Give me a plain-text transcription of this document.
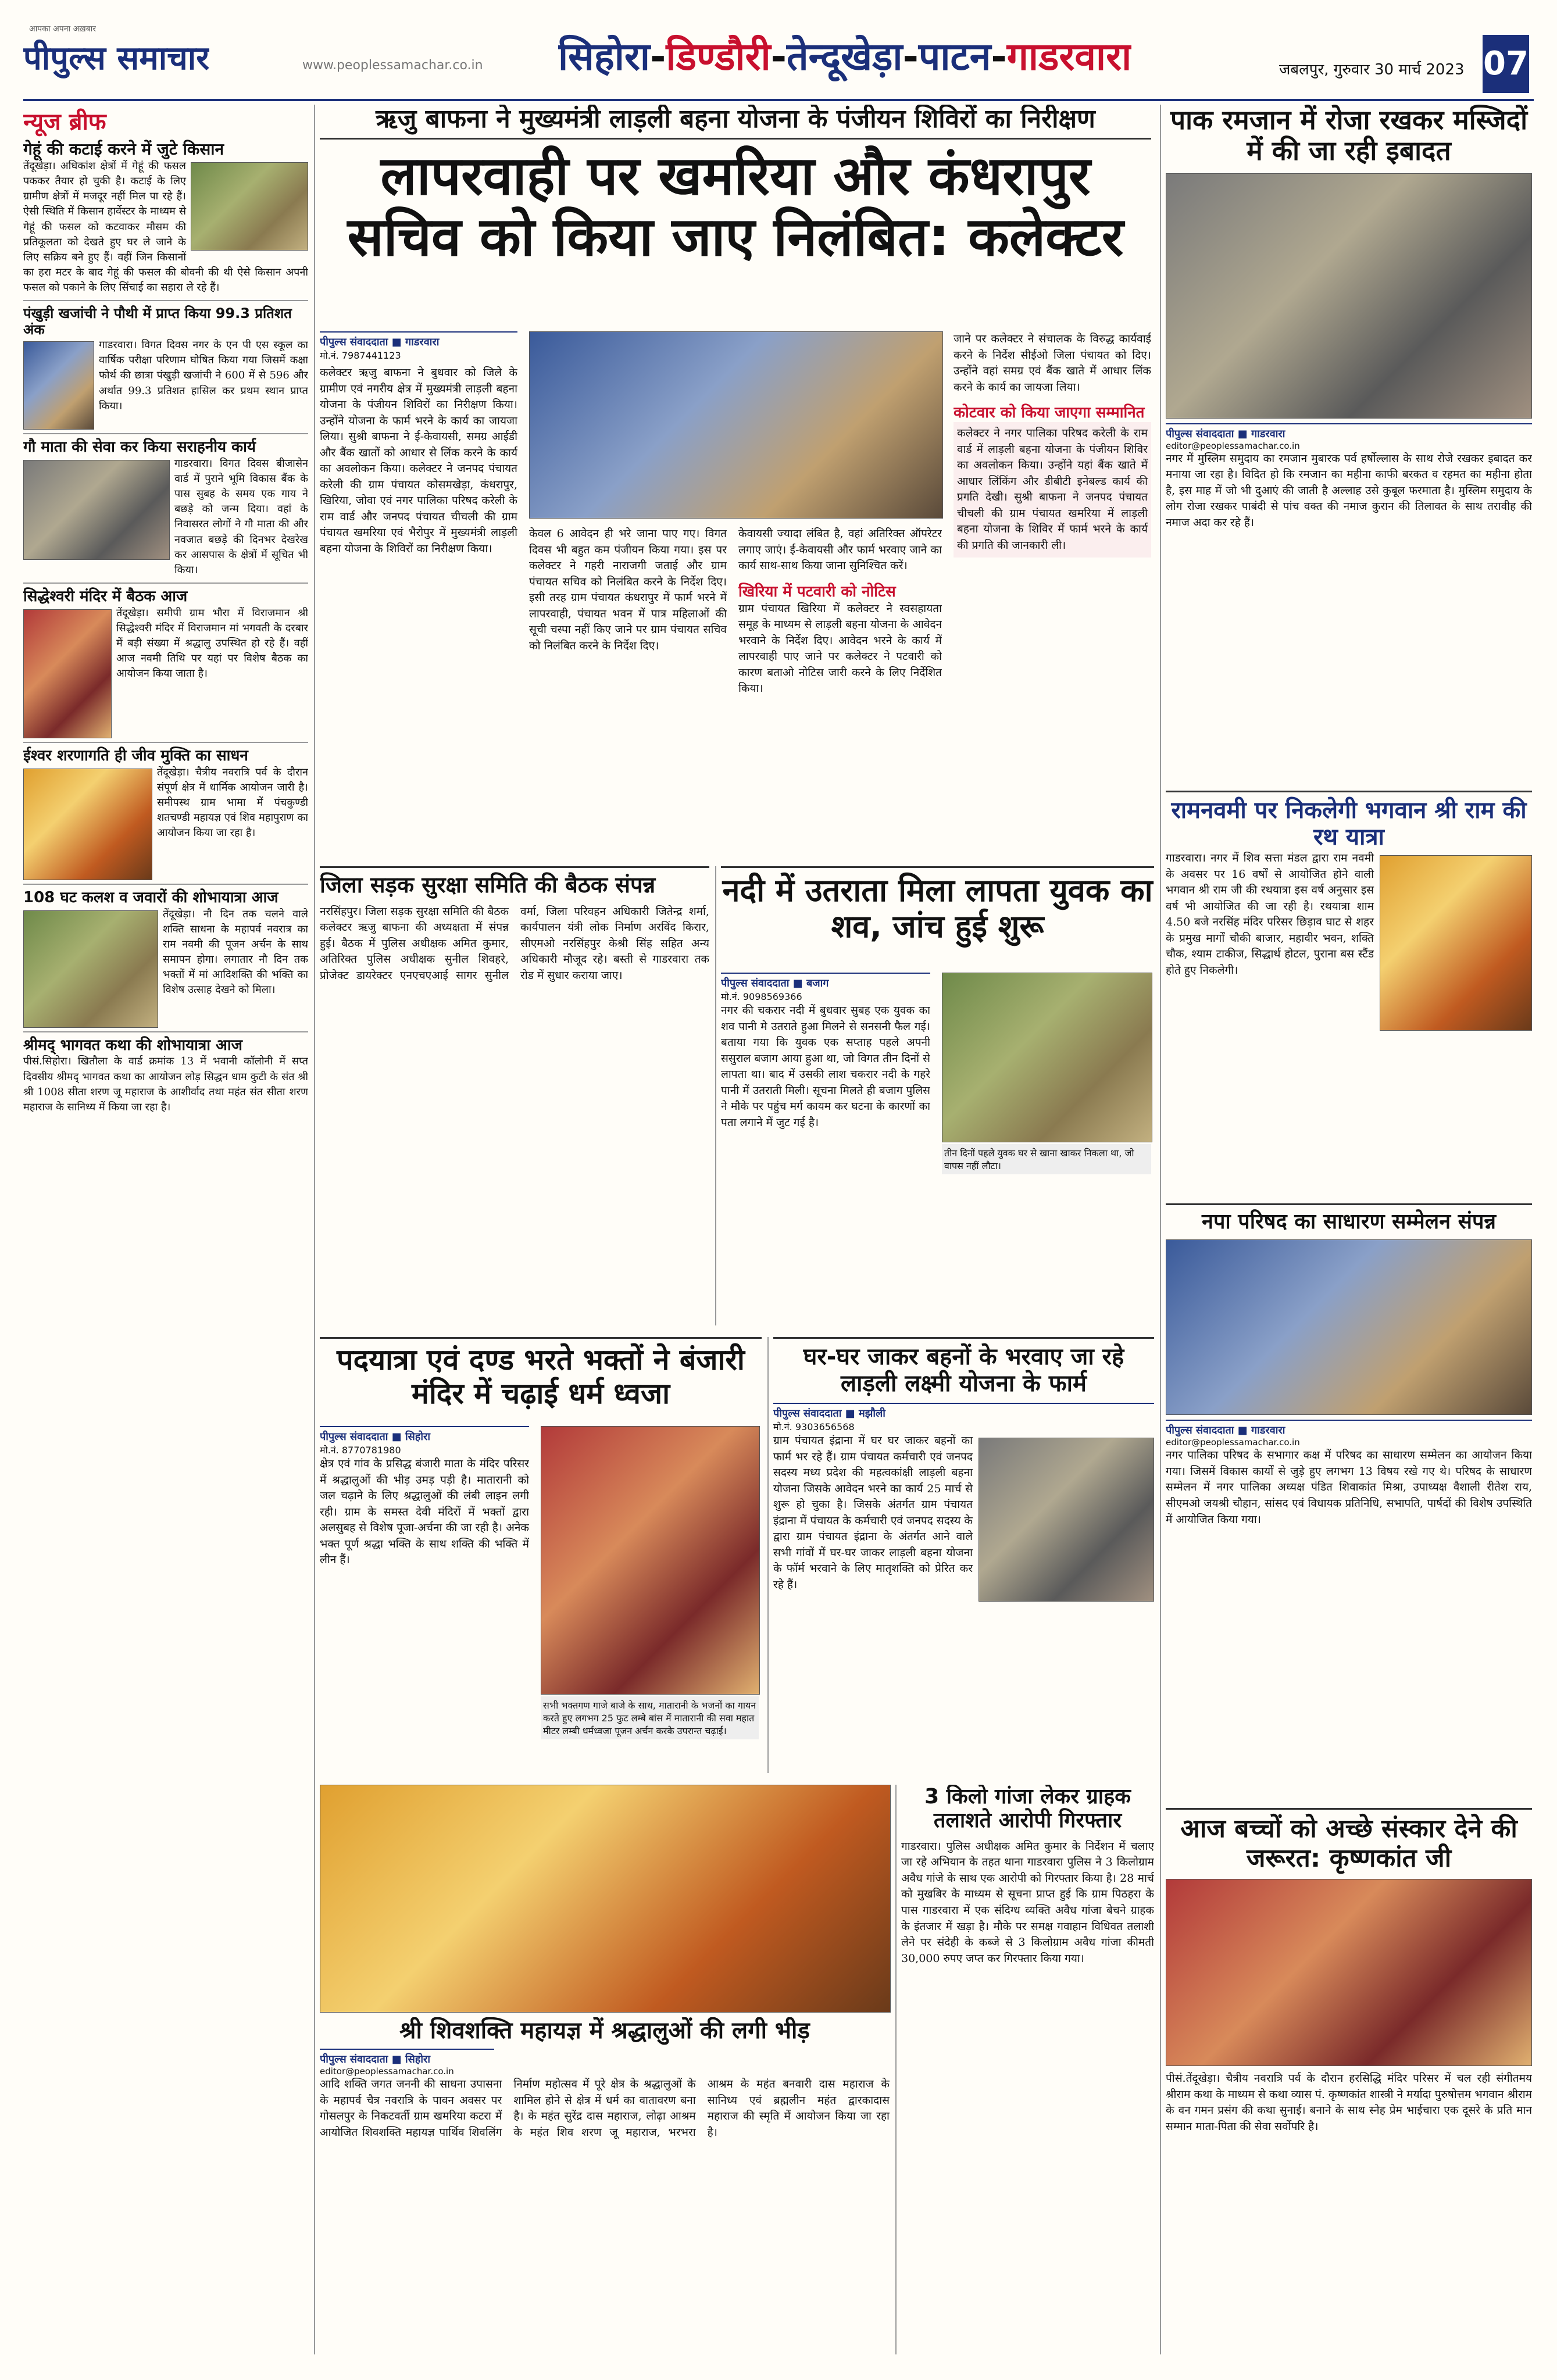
आपका अपना अख़बार
पीपुल्स समाचार	www.peoplessamachar.co.in सिहोरा-डिण्डौरी-तेन्दूखेड़ा-पाटन-गाडरवारा	जबलपुर, गुरुवार 30 मार्च 2023 07
न्यूज ब्रीफ
गेहूं की कटाई करने में जुटे किसान
तेंदूखेड़ा। अधिकांश क्षेत्रों में गेहूं की फसल पककर तैयार हो चुकी है। कटाई के लिए ग्रामीण क्षेत्रों में मजदूर नहीं मिल पा रहे हैं। ऐसी स्थिति में किसान हार्वेस्टर के माध्यम से गेहूं की फसल को कटवाकर मौसम की प्रतिकूलता को देखते हुए घर ले जाने के लिए सक्रिय बने हुए हैं। वहीं जिन किसानों का हरा मटर के बाद गेहूं की फसल की बोवनी की थी ऐसे किसान अपनी फसल को पकाने के लिए सिंचाई का सहारा ले रहे हैं।
पंखुड़ी खजांची ने पौथी में प्राप्त किया 99.3 प्रतिशत अंक
गाडरवारा। विगत दिवस नगर के एन पी एस स्कूल का वार्षिक परीक्षा परिणाम घोषित किया गया जिसमें कक्षा फोर्थ की छात्रा पंखुड़ी खजांची ने 600 में से 596 और अर्थात 99.3 प्रतिशत हासिल कर प्रथम स्थान प्राप्त किया।
गौ माता की सेवा कर किया सराहनीय कार्य
गाडरवारा। विगत दिवस बीजासेन वार्ड में पुराने भूमि विकास बैंक के पास सुबह के समय एक गाय ने बछड़े को जन्म दिया। वहां के निवासरत लोगों ने गौ माता की और नवजात बछड़े की दिनभर देखरेख कर आसपास के क्षेत्रों में सूचित भी किया।
सिद्धेश्वरी मंदिर में बैठक आज
तेंदूखेड़ा। समीपी ग्राम भौरा में विराजमान श्री सिद्धेश्वरी मंदिर में विराजमान मां भगवती के दरबार में बड़ी संख्या में श्रद्धालु उपस्थित हो रहे हैं। वहीं आज नवमी तिथि पर यहां पर विशेष बैठक का आयोजन किया जाता है।
ईश्वर शरणागति ही जीव मुक्ति का साधन
तेंदूखेड़ा। चैत्रीय नवरात्रि पर्व के दौरान संपूर्ण क्षेत्र में धार्मिक आयोजन जारी है। समीपस्थ ग्राम भामा में पंचकुण्डी शतचण्डी महायज्ञ एवं शिव महापुराण का आयोजन किया जा रहा है।
108 घट कलश व जवारों की शोभायात्रा आज
तेंदूखेड़ा। नौ दिन तक चलने वाले शक्ति साधना के महापर्व नवरात्र का राम नवमी की पूजन अर्चन के साथ समापन होगा। लगातार नौ दिन तक भक्तों में मां आदिशक्ति की भक्ति का विशेष उत्साह देखने को मिला।
श्रीमद् भागवत कथा की शोभायात्रा आज
पीसं.सिहोरा। खितौला के वार्ड क्रमांक 13 में भवानी कॉलोनी में सप्त दिवसीय श्रीमद् भागवत कथा का आयोजन लोड़ सिद्धन धाम कुटी के संत श्री श्री 1008 सीता शरण जू महाराज के आशीर्वाद तथा महंत संत सीता शरण महाराज के सानिध्य में किया जा रहा है।
ऋजु बाफना ने मुख्यमंत्री लाड़ली बहना योजना के पंजीयन शिविरों का निरीक्षण
लापरवाही पर खमरिया और कंधरापुर सचिव को किया जाए निलंबित: कलेक्टर
पीपुल्स संवाददाता ■ गाडरवारा
मो.नं. 7987441123
कलेक्टर ऋजु बाफना ने बुधवार को जिले के ग्रामीण एवं नगरीय क्षेत्र में मुख्यमंत्री लाड़ली बहना योजना के पंजीयन शिविरों का निरीक्षण किया। उन्होंने योजना के फार्म भरने के कार्य का जायजा लिया। सुश्री बाफना ने ई-केवायसी, समग्र आईडी और बैंक खातों को आधार से लिंक करने के कार्य का अवलोकन किया। कलेक्टर ने जनपद पंचायत करेली की ग्राम पंचायत कोसमखेड़ा, कंधरापुर, खिरिया, जोवा एवं नगर पालिका परिषद करेली के राम वार्ड और जनपद पंचायत चीचली की ग्राम पंचायत खमरिया एवं भैरोपुर में मुख्यमंत्री लाड़ली बहना योजना के शिविरों का निरीक्षण किया।
केवल 6 आवेदन ही भरे जाना पाए गए। विगत दिवस भी बहुत कम पंजीयन किया गया। इस पर कलेक्टर ने गहरी नाराजगी जताई और ग्राम पंचायत सचिव को निलंबित करने के निर्देश दिए। इसी तरह ग्राम पंचायत कंधरापुर में फार्म भरने में लापरवाही, पंचायत भवन में पात्र महिलाओं की सूची चस्पा नहीं किए जाने पर ग्राम पंचायत सचिव को निलंबित करने के निर्देश दिए।
केवायसी ज्यादा लंबित है, वहां अतिरिक्त ऑपरेटर लगाए जाएं। ई-केवायसी और फार्म भरवाए जाने का कार्य साथ-साथ किया जाना सुनिश्चित करें।
खिरिया में पटवारी को नोटिस
ग्राम पंचायत खिरिया में कलेक्टर ने स्वसहायता समूह के माध्यम से लाड़ली बहना योजना के आवेदन भरवाने के निर्देश दिए। आवेदन भरने के कार्य में लापरवाही पाए जाने पर कलेक्टर ने पटवारी को कारण बताओ नोटिस जारी करने के लिए निर्देशित किया।
जाने पर कलेक्टर ने संचालक के विरुद्ध कार्यवाई करने के निर्देश सीईओ जिला पंचायत को दिए। उन्होंने वहां समग्र एवं बैंक खाते में आधार लिंक करने के कार्य का जायजा लिया।
कोटवार को किया जाएगा सम्मानित
कलेक्टर ने नगर पालिका परिषद करेली के राम वार्ड में लाड़ली बहना योजना के पंजीयन शिविर का अवलोकन किया। उन्होंने यहां बैंक खाते में आधार लिंकिंग और डीबीटी इनेबल्ड कार्य की प्रगति देखी। सुश्री बाफना ने जनपद पंचायत चीचली की ग्राम पंचायत खमरिया में लाड़ली बहना योजना के शिविर में फार्म भरने के कार्य की प्रगति की जानकारी ली।
पाक रमजान में रोजा रखकर मस्जिदों में की जा रही इबादत
पीपुल्स संवाददाता ■ गाडरवारा
editor@peoplessamachar.co.in
नगर में मुस्लिम समुदाय का रमजान मुबारक पर्व हर्षोल्लास के साथ रोजे रखकर इबादत कर मनाया जा रहा है। विदित हो कि रमजान का महीना काफी बरकत व रहमत का महीना होता है, इस माह में जो भी दुआएं की जाती है अल्लाह उसे कुबूल फरमाता है। मुस्लिम समुदाय के लोग रोजा रखकर पाबंदी से पांच वक्त की नमाज कुरान की तिलावत के साथ तरावीह की नमाज अदा कर रहे हैं।
रामनवमी पर निकलेगी भगवान श्री राम की रथ यात्रा
गाडरवारा। नगर में शिव सत्ता मंडल द्वारा राम नवमी के अवसर पर 16 वर्षों से आयोजित होने वाली भगवान श्री राम जी की रथयात्रा इस वर्ष अनुसार इस वर्ष भी आयोजित की जा रही है। रथयात्रा शाम 4.50 बजे नरसिंह मंदिर परिसर छिड़ाव घाट से शहर के प्रमुख मार्गों चौकी बाजार, महावीर भवन, शक्ति चौक, श्याम टाकीज, सिद्धार्थ होटल, पुराना बस स्टैंड होते हुए निकलेगी।
नपा परिषद का साधारण सम्मेलन संपन्न
पीपुल्स संवाददाता ■ गाडरवारा
editor@peoplessamachar.co.in
नगर पालिका परिषद के सभागार कक्ष में परिषद का साधारण सम्मेलन का आयोजन किया गया। जिसमें विकास कार्यों से जुड़े हुए लगभग 13 विषय रखे गए थे। परिषद के साधारण सम्मेलन में नगर पालिका अध्यक्ष पंडित शिवाकांत मिश्रा, उपाध्यक्ष वैशाली रीतेश राय, सीएमओ जयश्री चौहान, सांसद एवं विधायक प्रतिनिधि, सभापति, पार्षदों की विशेष उपस्थिति में आयोजित किया गया।
आज बच्चों को अच्छे संस्कार देने की जरूरत: कृष्णकांत जी
पीसं.तेंदूखेड़ा। चैत्रीय नवरात्रि पर्व के दौरान हरसिद्धि मंदिर परिसर में चल रही संगीतमय श्रीराम कथा के माध्यम से कथा व्यास पं. कृष्णकांत शास्त्री ने मर्यादा पुरुषोत्तम भगवान श्रीराम के वन गमन प्रसंग की कथा सुनाई। बनाने के साथ स्नेह प्रेम भाईचारा एक दूसरे के प्रति मान सम्मान माता-पिता की सेवा सर्वोपरि है।
जिला सड़क सुरक्षा समिति की बैठक संपन्न
नरसिंहपुर। जिला सड़क सुरक्षा समिति की बैठक कलेक्टर ऋजु बाफना की अध्यक्षता में संपन्न हुई। बैठक में पुलिस अधीक्षक अमित कुमार, अतिरिक्त पुलिस अधीक्षक सुनील शिवहरे, प्रोजेक्ट डायरेक्टर एनएचएआई सागर सुनील वर्मा, जिला परिवहन अधिकारी जितेन्द्र शर्मा, कार्यपालन यंत्री लोक निर्माण अरविंद किरार, सीएमओ नरसिंहपुर केश्री सिंह सहित अन्य अधिकारी मौजूद रहे। बस्ती से गाडरवारा तक रोड में सुधार कराया जाए।
नदी में उतराता मिला लापता युवक का शव, जांच हुई शुरू
पीपुल्स संवाददाता ■ बजाग
मो.नं. 9098569366
नगर की चकरार नदी में बुधवार सुबह एक युवक का शव पानी मे उतराते हुआ मिलने से सनसनी फैल गई। बताया गया कि युवक एक सप्ताह पहले अपनी ससुराल बजाग आया हुआ था, जो विगत तीन दिनों से लापता था। बाद में उसकी लाश चकरार नदी के गहरे पानी में उतराती मिली। सूचना मिलते ही बजाग पुलिस ने मौके पर पहुंच मर्ग कायम कर घटना के कारणों का पता लगाने में जुट गई है।
तीन दिनों पहले युवक घर से खाना खाकर निकला था, जो वापस नहीं लौटा।
पदयात्रा एवं दण्ड भरते भक्तों ने बंजारी मंदिर में चढ़ाई धर्म ध्वजा
पीपुल्स संवाददाता ■ सिहोरा
मो.नं. 8770781980
क्षेत्र एवं गांव के प्रसिद्ध बंजारी माता के मंदिर परिसर में श्रद्धालुओं की भीड़ उमड़ पड़ी है। मातारानी को जल चढ़ाने के लिए श्रद्धालुओं की लंबी लाइन लगी रही। ग्राम के समस्त देवी मंदिरों में भक्तों द्वारा अलसुबह से विशेष पूजा-अर्चना की जा रही है। अनेक भक्त पूर्ण श्रद्धा भक्ति के साथ शक्ति की भक्ति में लीन हैं।
सभी भक्तगण गाजे बाजे के साथ, मातारानी के भजनों का गायन करते हुए लगभग 25 फुट लम्बे बांस में मातारानी की सवा महात मीटर लम्बी धर्मध्वजा पूजन अर्चन करके उपरान्त चढ़ाई।
घर-घर जाकर बहनों के भरवाए जा रहे लाड़ली लक्ष्मी योजना के फार्म
पीपुल्स संवाददाता ■ मझौली
मो.नं. 9303656568
ग्राम पंचायत इंद्राना में घर घर जाकर बहनों का फार्म भर रहे हैं। ग्राम पंचायत कर्मचारी एवं जनपद सदस्य मध्य प्रदेश की महत्वकांक्षी लाड़ली बहना योजना जिसके आवेदन भरने का कार्य 25 मार्च से शुरू हो चुका है। जिसके अंतर्गत ग्राम पंचायत इंद्राना में पंचायत के कर्मचारी एवं जनपद सदस्य के द्वारा ग्राम पंचायत इंद्राना के अंतर्गत आने वाले सभी गांवों में घर-घर जाकर लाड़ली बहना योजना के फॉर्म भरवाने के लिए मातृशक्ति को प्रेरित कर रहे हैं।
श्री शिवशक्ति महायज्ञ में श्रद्धालुओं की लगी भीड़
पीपुल्स संवाददाता ■ सिहोरा
editor@peoplessamachar.co.in
आदि शक्ति जगत जननी की साधना उपासना के महापर्व चैत्र नवरात्रि के पावन अवसर पर गोसलपुर के निकटवर्ती ग्राम खमरिया कटरा में आयोजित शिवशक्ति महायज्ञ पार्थिव शिवलिंग निर्माण महोत्सव में पूरे क्षेत्र के श्रद्धालुओं के शामिल होने से क्षेत्र में धर्म का वातावरण बना है। के महंत सुरेंद्र दास महाराज, लोढ़ा आश्रम के महंत शिव शरण जू महाराज, भरभरा आश्रम के महंत बनवारी दास महाराज के सानिध्य एवं ब्रह्मलीन महंत द्वारकादास महाराज की स्मृति में आयोजन किया जा रहा है।
3 किलो गांजा लेकर ग्राहक तलाशते आरोपी गिरफ्तार
गाडरवारा। पुलिस अधीक्षक अमित कुमार के निर्देशन में चलाए जा रहे अभियान के तहत थाना गाडरवारा पुलिस ने 3 किलोग्राम अवैध गांजे के साथ एक आरोपी को गिरफ्तार किया है। 28 मार्च को मुखबिर के माध्यम से सूचना प्राप्त हुई कि ग्राम पिठहरा के पास गाडरवारा में एक संदिग्ध व्यक्ति अवैध गांजा बेचने ग्राहक के इंतजार में खड़ा है। मौके पर समक्ष गवाहान विधिवत तलाशी लेने पर संदेही के कब्जे से 3 किलोग्राम अवैध गांजा कीमती 30,000 रुपए जप्त कर गिरफ्तार किया गया।
